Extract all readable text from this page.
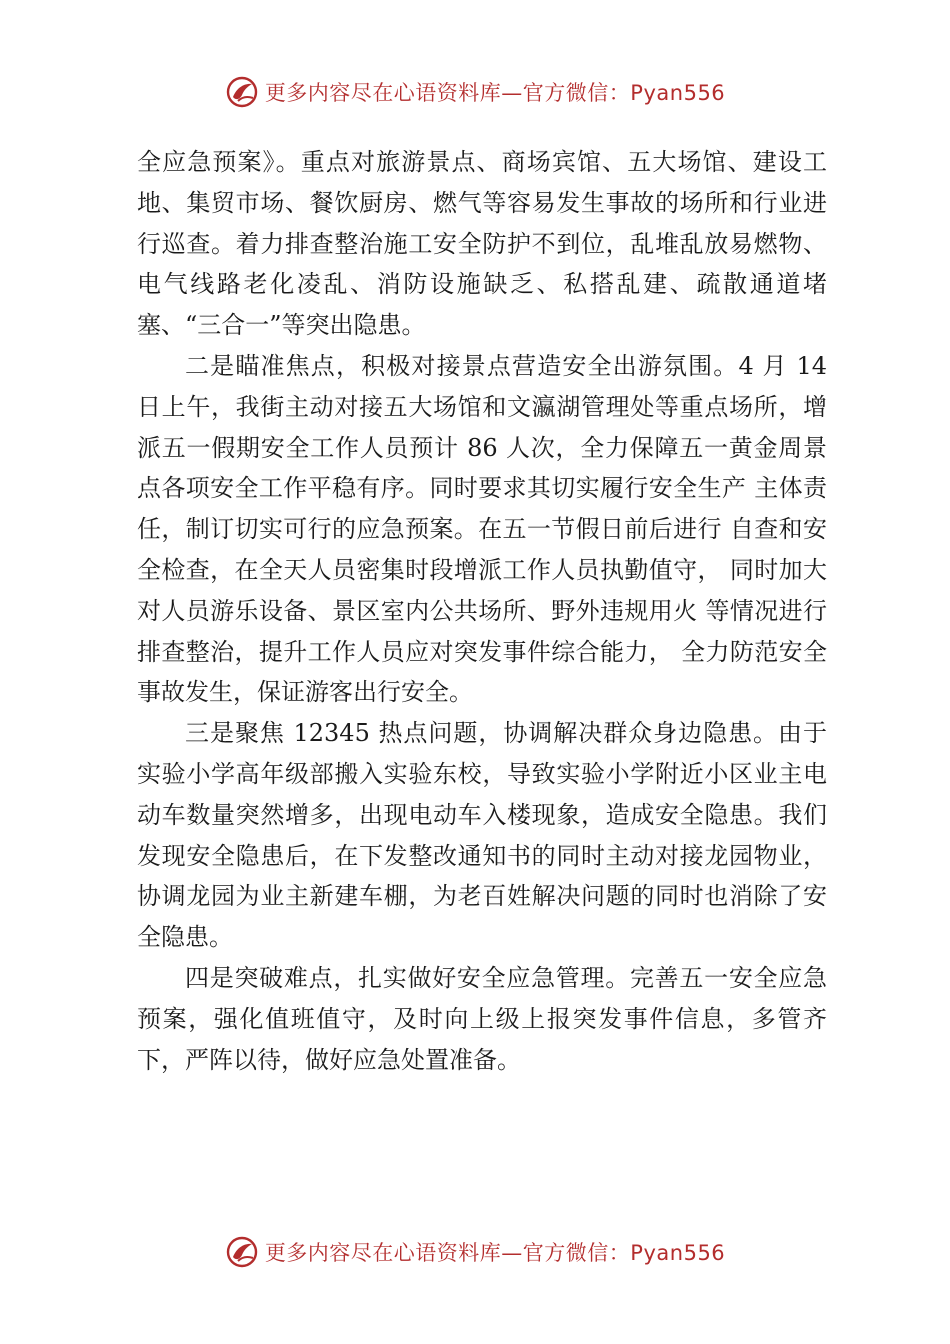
更多内容尽在心语资料库—官方微信：Pyan556

全应急预案》。重点对旅游景点、商场宾馆、五大场馆、建设工地、集贸市场、餐饮厨房、燃气等容易发生事故的场所和行业进行巡查。着力排查整治施工安全防护不到位，乱堆乱放易燃物、电气线路老化凌乱、消防设施缺乏、私搭乱建、疏散通道堵塞、“三合一”等突出隐患。

二是瞄准焦点，积极对接景点营造安全出游氛围。4 月 14 日上午，我街主动对接五大场馆和文瀛湖管理处等重点场所，增派五一假期安全工作人员预计 86 人次，全力保障五一黄金周景点各项安全工作平稳有序。同时要求其切实履行安全生产 主体责任，制订切实可行的应急预案。在五一节假日前后进行 自查和安全检查，在全天人员密集时段增派工作人员执勤值守， 同时加大对人员游乐设备、景区室内公共场所、野外违规用火 等情况进行排查整治，提升工作人员应对突发事件综合能力， 全力防范安全事故发生，保证游客出行安全。

三是聚焦 12345 热点问题，协调解决群众身边隐患。由于实验小学高年级部搬入实验东校，导致实验小学附近小区业主电动车数量突然增多，出现电动车入楼现象，造成安全隐患。我们发现安全隐患后，在下发整改通知书的同时主动对接龙园物业，协调龙园为业主新建车棚，为老百姓解决问题的同时也消除了安全隐患。

四是突破难点，扎实做好安全应急管理。完善五一安全应急预案，强化值班值守，及时向上级上报突发事件信息，多管齐下，严阵以待，做好应急处置准备。

更多内容尽在心语资料库—官方微信：Pyan556
